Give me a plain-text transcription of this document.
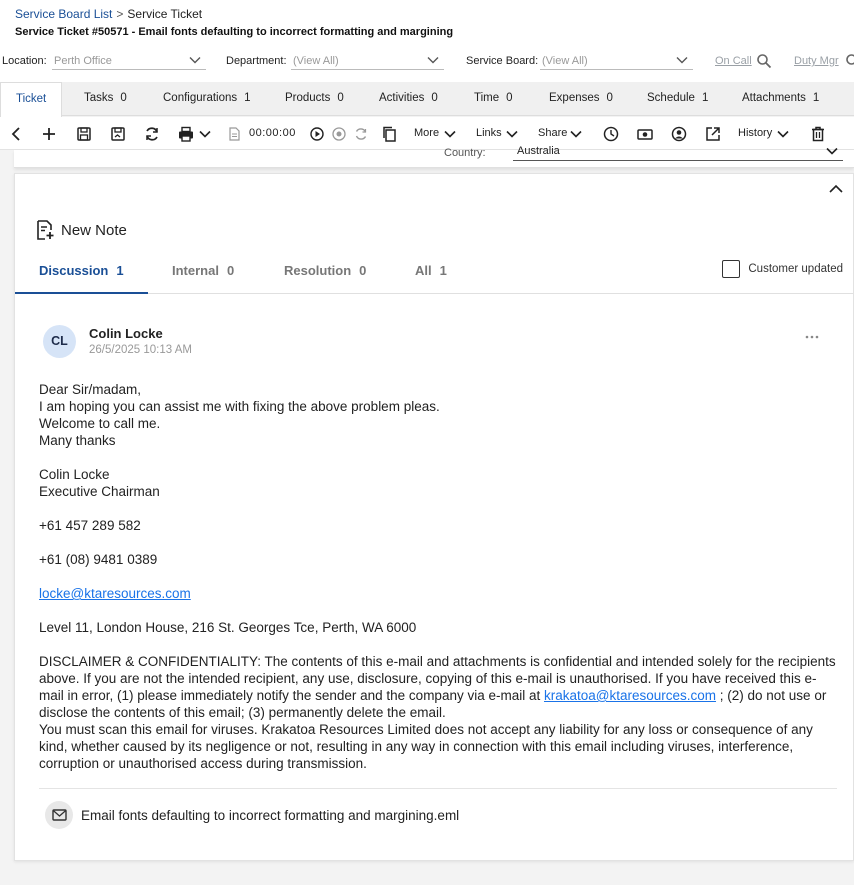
Service Board List > Service Ticket
Service Ticket #50571 - Email fonts defaulting to incorrect formatting and margining
Location: Perth Office	Department: (View All)	Service Board: (View All)	On Call	Duty Mgr
Ticket	Tasks 0	Configurations 1	Products 0	Activities 0	Time 0	Expenses 0	Schedule 1	Attachments 1
00:00:00	More	Links	Share	History
Country:	Australia
New Note
Discussion 1	Internal 0	Resolution 0	All 1	Customer updated
CL	Colin Locke
26/5/2025 10:13 AM

Dear Sir/madam,

I am hoping you can assist me with fixing the above problem pleas.

Welcome to call me.

Many thanks

Colin Locke

Executive Chairman

+61 457 289 582

+61 (08) 9481 0389

locke@ktaresources.com

Level 11, London House, 216 St. Georges Tce, Perth, WA 6000

DISCLAIMER & CONFIDENTIALITY: The contents of this e-mail and attachments is confidential and intended solely for the recipients above. If you are not the intended recipient, any use, disclosure, copying of this e-mail is unauthorised. If you have received this e-mail in error, (1) please immediately notify the sender and the company via e-mail at krakatoa@ktaresources.com ; (2) do not use or disclose the contents of this email; (3) permanently delete the email.

You must scan this email for viruses. Krakatoa Resources Limited does not accept any liability for any loss or consequence of any kind, whether caused by its negligence or not, resulting in any way in connection with this email including viruses, interference, corruption or unauthorised access during transmission.

Email fonts defaulting to incorrect formatting and margining.eml
